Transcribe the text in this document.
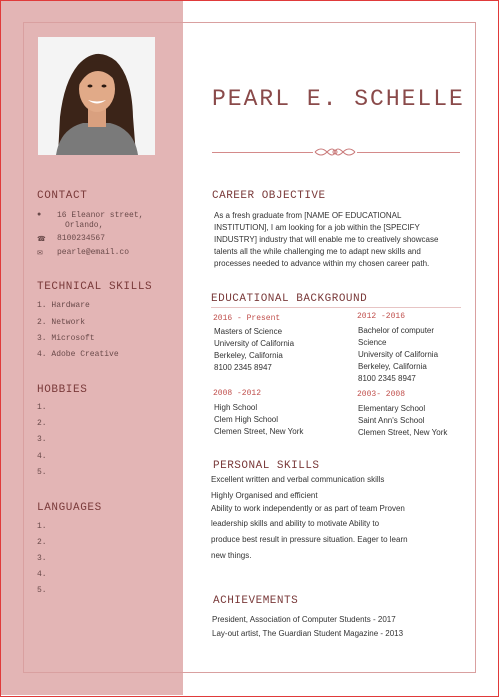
CONTACT
● 16 Eleanor street,
Orlando,
☎ 8100234567
✉ pearle@email.co
TECHNICAL SKILLS
1. Hardware
2. Network
3. Microsoft
4. Adobe Creative
HOBBIES
1.
2.
3.
4.
5.
LANGUAGES
1.
2.
3.
4.
5.
PEARL E. SCHELLE
CAREER OBJECTIVE
As a fresh graduate from [NAME OF EDUCATIONAL
INSTITUTION], I am looking for a job within the [SPECIFY
INDUSTRY] industry that will enable me to creatively showcase
talents all the while challenging me to adapt new skills and
processes needed to advance within my chosen career path.
EDUCATIONAL BACKGROUND
2016 - Present
Masters of Science
University of California
Berkeley, California
8100 2345 8947
2012 -2016
Bachelor of computer
Science
University of California
Berkeley, California
8100 2345 8947
2008 -2012
High School
Clem High School
Clemen Street, New York
2003- 2008
Elementary School
Saint Ann's School
Clemen Street, New York
PERSONAL SKILLS
Excellent written and verbal communication skills
Highly Organised and efficient
Ability to work independently or as part of team Proven
leadership skills and ability to motivate Ability to
produce best result in pressure situation. Eager to learn
new things.
ACHIEVEMENTS
President, Association of Computer Students - 2017
Lay-out artist, The Guardian Student Magazine - 2013
